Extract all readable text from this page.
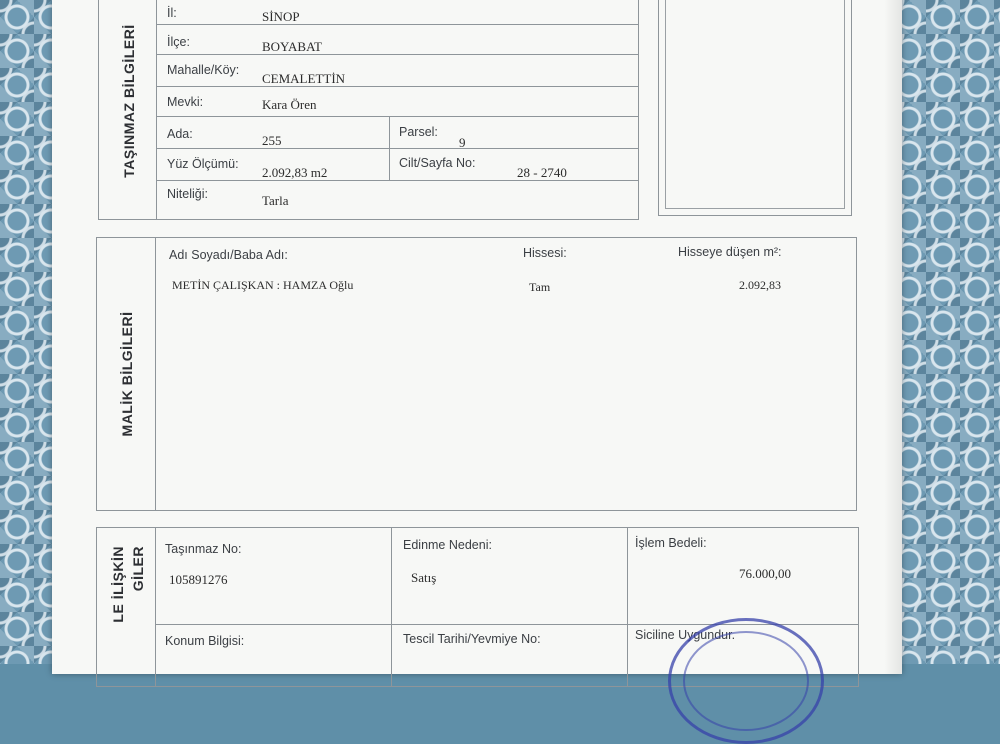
TAŞINMAZ BİLGİLERİ
İl:	SİNOP
İlçe:	BOYABAT
Mahalle/Köy:
CEMALETTİN
Mevki:	Kara Ören
Ada:	255
Parsel:
9
Yüz Ölçümü:
2.092,83 m2
Cilt/Sayfa No:
28 - 2740
Niteliği:	Tarla
MALİK BİLGİLERİ
Adı Soyadı/Baba Adı:	Hissesi:	Hisseye düşen m²:
METİN ÇALIŞKAN : HAMZA Oğlu	Tam	2.092,83
LE İLİŞKİN GİLER Taşınmaz No:
105891276
Edinme Nedeni:
Satış
İşlem Bedeli:
76.000,00
Konum Bilgisi:	Tescil Tarihi/Yevmiye No:	Siciline Uygundur.
